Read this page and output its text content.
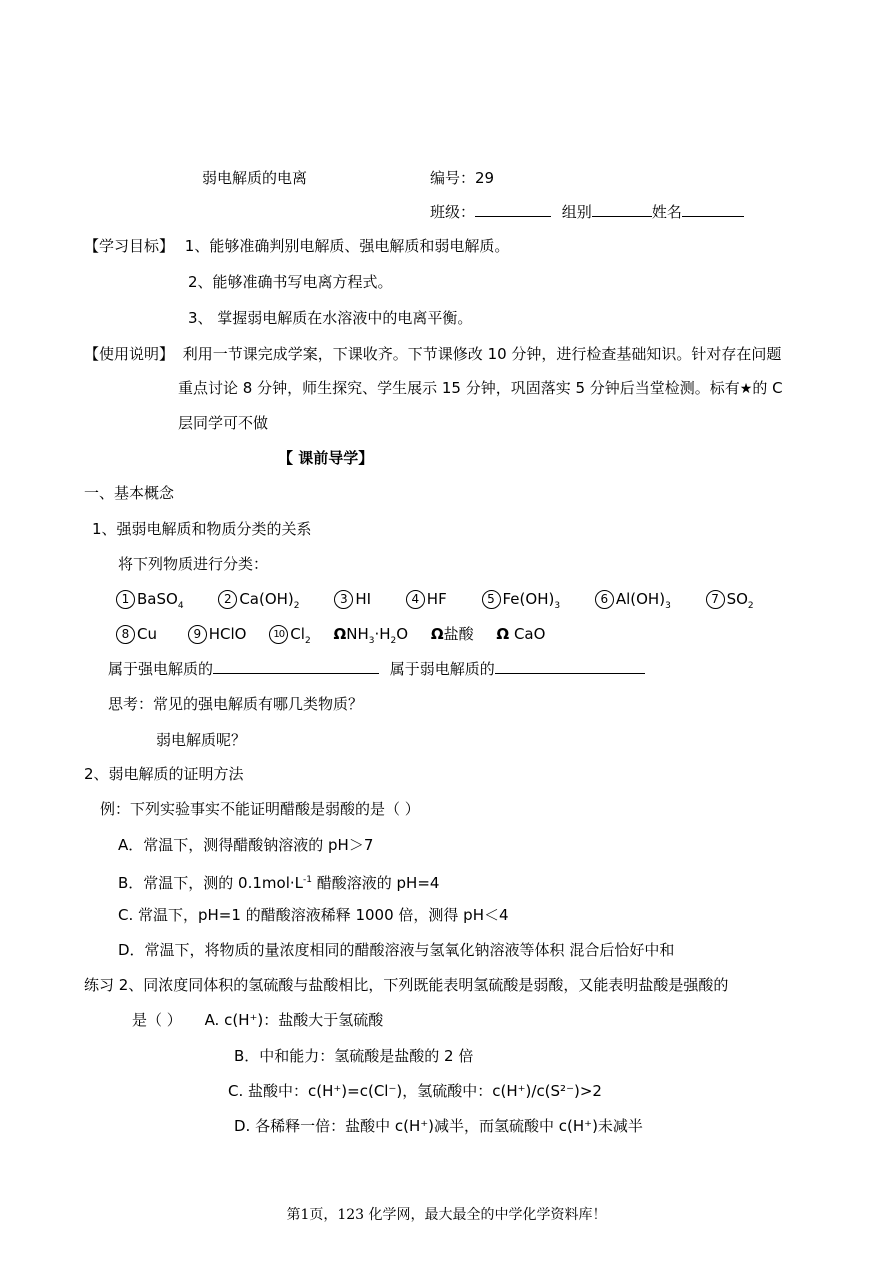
弱电解质的电离	编号：29
班级：	组别	姓名
【学习目标】 1、能够准确判别电解质、强电解质和弱电解质。
2、能够准确书写电离方程式。
3、 掌握弱电解质在水溶液中的电离平衡。
【使用说明】 利用一节课完成学案，下课收齐。下节课修改 10 分钟，进行检查基础知识。针对存在问题
重点讨论 8 分钟，师生探究、学生展示 15 分钟，巩固落实 5 分钟后当堂检测。标有★的 C
层同学可不做
【 课前导学】
一、基本概念
1、强弱电解质和物质分类的关系
将下列物质进行分类：
1 BaSO$_4$	2 $Ca(OH)_2$	3 HI	4 HF	5 $Fe(OH)_3$	6 $Al(OH)_3$	7 $SO_2$
8 Cu	9 HClO	10 $Cl_2$ $\Omega NH_3\cdot H_2O$ Ω盐酸 Ω CaO
属于强电解质的	属于弱电解质的
思考：常见的强电解质有哪几类物质？
弱电解质呢？
2、弱电解质的证明方法
例：下列实验事实不能证明醋酸是弱酸的是（ ）
A．常温下，测得醋酸钠溶液的 pH＞7
B．常温下，测的 $0.1mol\cdot L^{-1}$ 醋酸溶液的 pH=4
C. 常温下，pH=1 的醋酸溶液稀释 1000 倍，测得 pH＜4
D．常温下，将物质的量浓度相同的醋酸溶液与氢氧化钠溶液等体积 混合后恰好中和
练习 2、同浓度同体积的氢硫酸与盐酸相比，下列既能表明氢硫酸是弱酸，又能表明盐酸是强酸的
是（ ） A. c(H⁺)：盐酸大于氢硫酸
B．中和能力：氢硫酸是盐酸的 2 倍
C. 盐酸中：c(H⁺)=c(Cl⁻)，氢硫酸中：c(H⁺)/c(S²⁻)>2
D. 各稀释一倍：盐酸中 c(H⁺)减半，而氢硫酸中 c(H⁺)未减半
第1页，123 化学网，最大最全的中学化学资料库！
